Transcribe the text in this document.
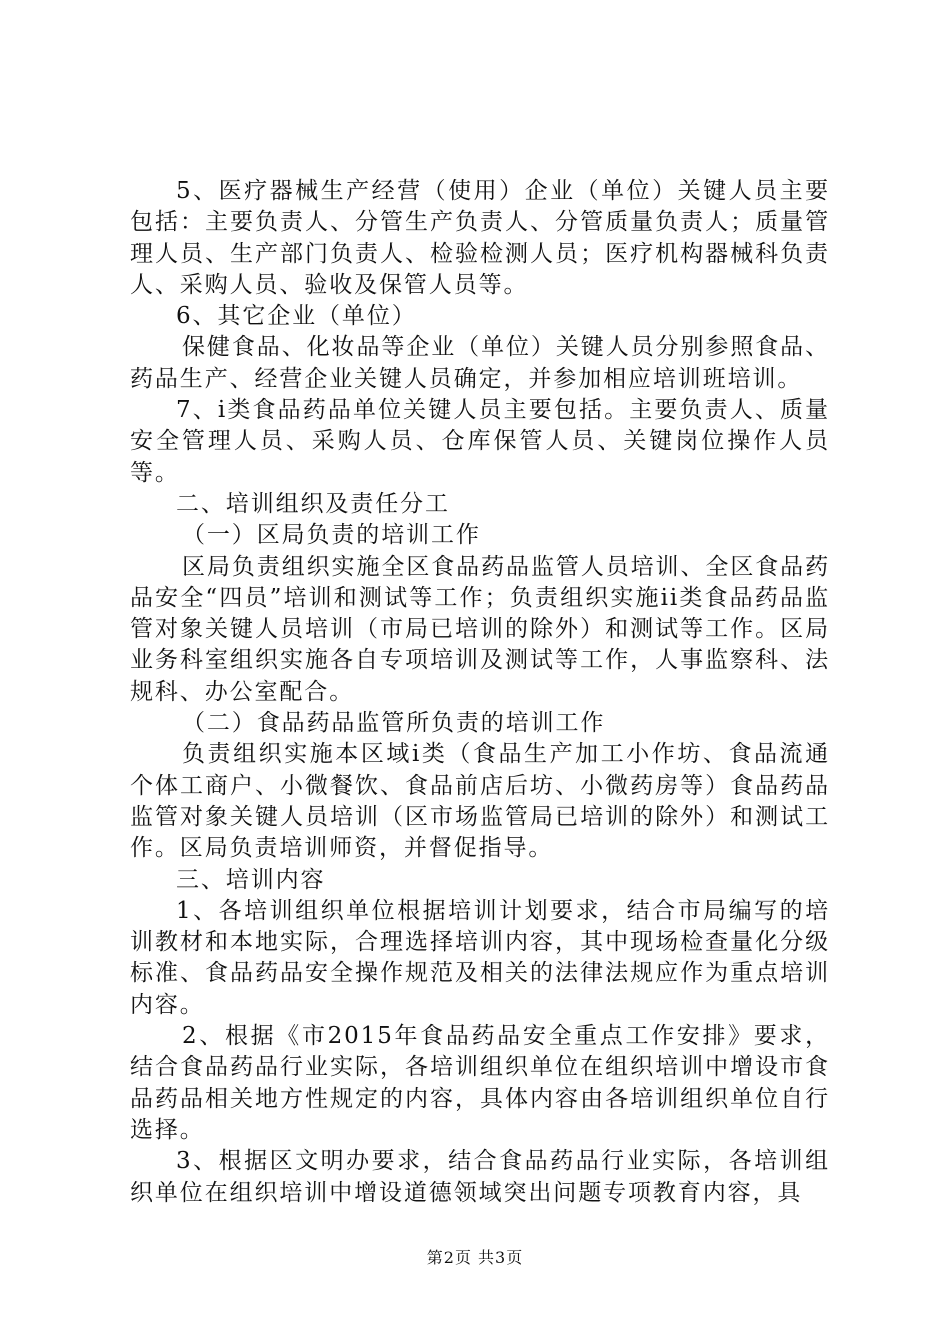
5、医疗器械生产经营（使用）企业（单位）关键人员主要包括：主要负责人、分管生产负责人、分管质量负责人；质量管理人员、生产部门负责人、检验检测人员；医疗机构器械科负责人、采购人员、验收及保管人员等。

6、其它企业（单位）

保健食品、化妆品等企业（单位）关键人员分别参照食品、药品生产、经营企业关键人员确定，并参加相应培训班培训。

7、i类食品药品单位关键人员主要包括。主要负责人、质量安全管理人员、采购人员、仓库保管人员、关键岗位操作人员等。

二、培训组织及责任分工

（一）区局负责的培训工作

区局负责组织实施全区食品药品监管人员培训、全区食品药品安全“四员”培训和测试等工作；负责组织实施ii类食品药品监管对象关键人员培训（市局已培训的除外）和测试等工作。区局业务科室组织实施各自专项培训及测试等工作，人事监察科、法规科、办公室配合。

（二）食品药品监管所负责的培训工作

负责组织实施本区域i类（食品生产加工小作坊、食品流通个体工商户、小微餐饮、食品前店后坊、小微药房等）食品药品监管对象关键人员培训（区市场监管局已培训的除外）和测试工作。区局负责培训师资，并督促指导。

三、培训内容

1、各培训组织单位根据培训计划要求，结合市局编写的培训教材和本地实际，合理选择培训内容，其中现场检查量化分级标准、食品药品安全操作规范及相关的法律法规应作为重点培训内容。

2、根据《市2015年食品药品安全重点工作安排》要求，结合食品药品行业实际，各培训组织单位在组织培训中增设市食品药品相关地方性规定的内容，具体内容由各培训组织单位自行选择。

3、根据区文明办要求，结合食品药品行业实际，各培训组织单位在组织培训中增设道德领域突出问题专项教育内容，具

第2页 共3页
